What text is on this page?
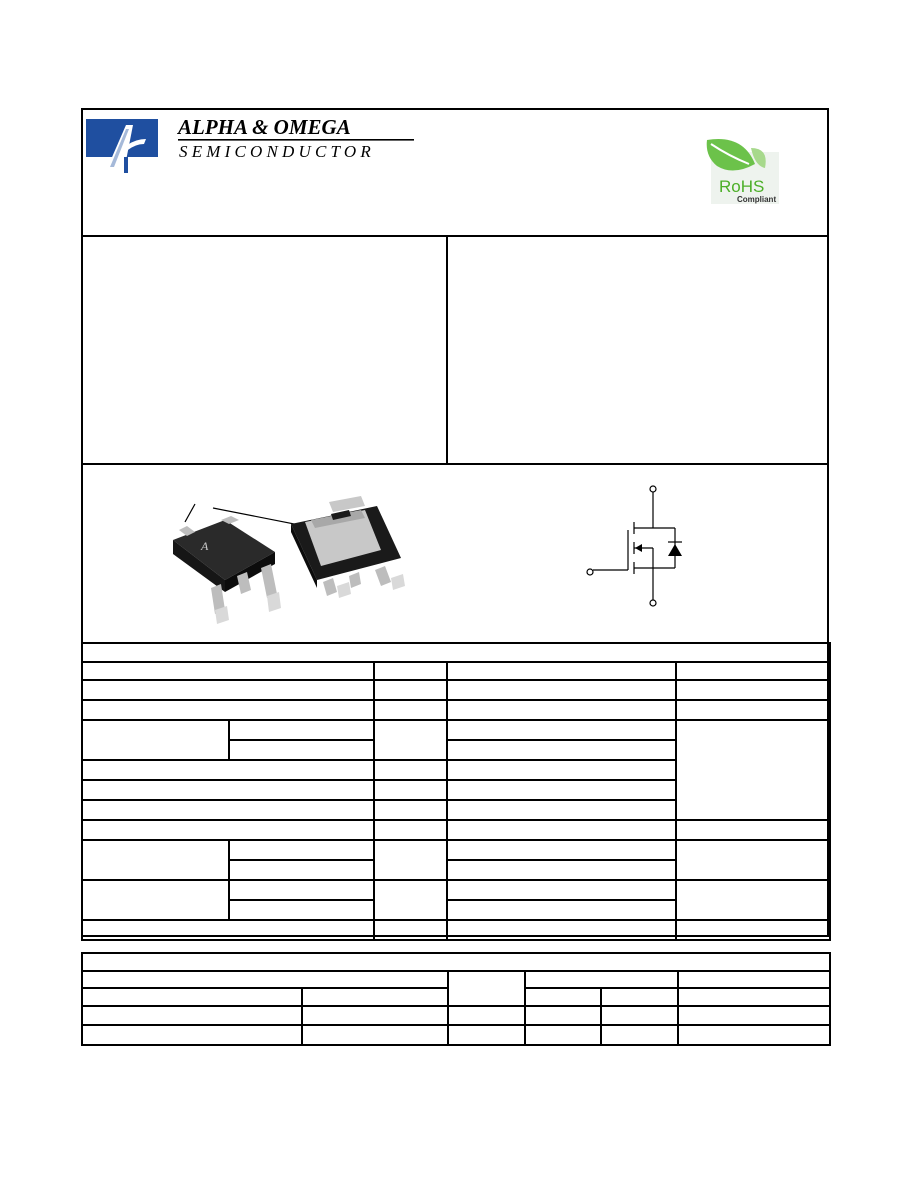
ALPHA & OMEGA
SEMICONDUCTOR
RoHS
Compliant
A
